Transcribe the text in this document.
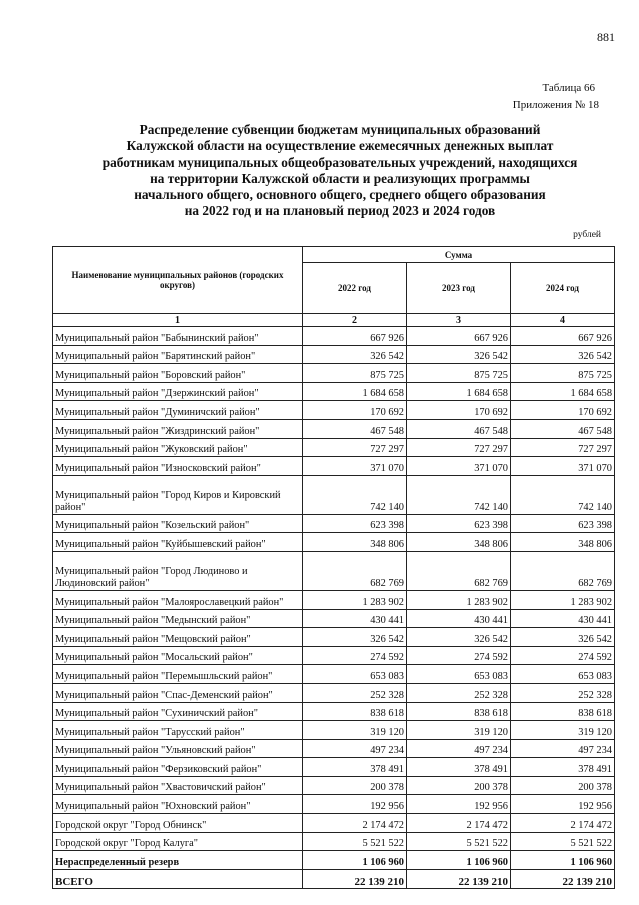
881
Таблица 66
Приложения № 18
Распределение субвенции бюджетам муниципальных образований
Калужской области на осуществление ежемесячных денежных выплат
работникам муниципальных общеобразовательных учреждений, находящихся
на территории Калужской области и реализующих программы
начального общего, основного общего, среднего общего образования
на 2022 год и на плановый период 2023 и 2024 годов
рублей
Наименование муниципальных районов (городских округов)	Сумма		
	2022 год	2023 год	2024 год
1	2	3	4
Муниципальный район "Бабынинский район"	667 926	667 926	667 926
Муниципальный район "Барятинский район"	326 542	326 542	326 542
Муниципальный район "Боровский район"	875 725	875 725	875 725
Муниципальный район "Дзержинский район"	1 684 658	1 684 658	1 684 658
Муниципальный район "Думиничский район"	170 692	170 692	170 692
Муниципальный район "Жиздринский район"	467 548	467 548	467 548
Муниципальный район "Жуковский район"	727 297	727 297	727 297
Муниципальный район "Износковский район"	371 070	371 070	371 070
Муниципальный район "Город Киров и Кировский район"	742 140	742 140	742 140
Муниципальный район "Козельский район"	623 398	623 398	623 398
Муниципальный район "Куйбышевский район"	348 806	348 806	348 806
Муниципальный район "Город Людиново и Людиновский район"	682 769	682 769	682 769
Муниципальный район "Малоярославецкий район"	1 283 902	1 283 902	1 283 902
Муниципальный район "Медынский район"	430 441	430 441	430 441
Муниципальный район "Мещовский район"	326 542	326 542	326 542
Муниципальный район "Мосальский район"	274 592	274 592	274 592
Муниципальный район "Перемышльский район"	653 083	653 083	653 083
Муниципальный район "Спас-Деменский район"	252 328	252 328	252 328
Муниципальный район "Сухиничский район"	838 618	838 618	838 618
Муниципальный район "Тарусский район"	319 120	319 120	319 120
Муниципальный район "Ульяновский район"	497 234	497 234	497 234
Муниципальный район "Ферзиковский район"	378 491	378 491	378 491
Муниципальный район "Хвастовичский район"	200 378	200 378	200 378
Муниципальный район "Юхновский район"	192 956	192 956	192 956
Городской округ "Город Обнинск"	2 174 472	2 174 472	2 174 472
Городской округ "Город Калуга"	5 521 522	5 521 522	5 521 522
Нераспределенный резерв	1 106 960	1 106 960	1 106 960
ВСЕГО	22 139 210	22 139 210	22 139 210
